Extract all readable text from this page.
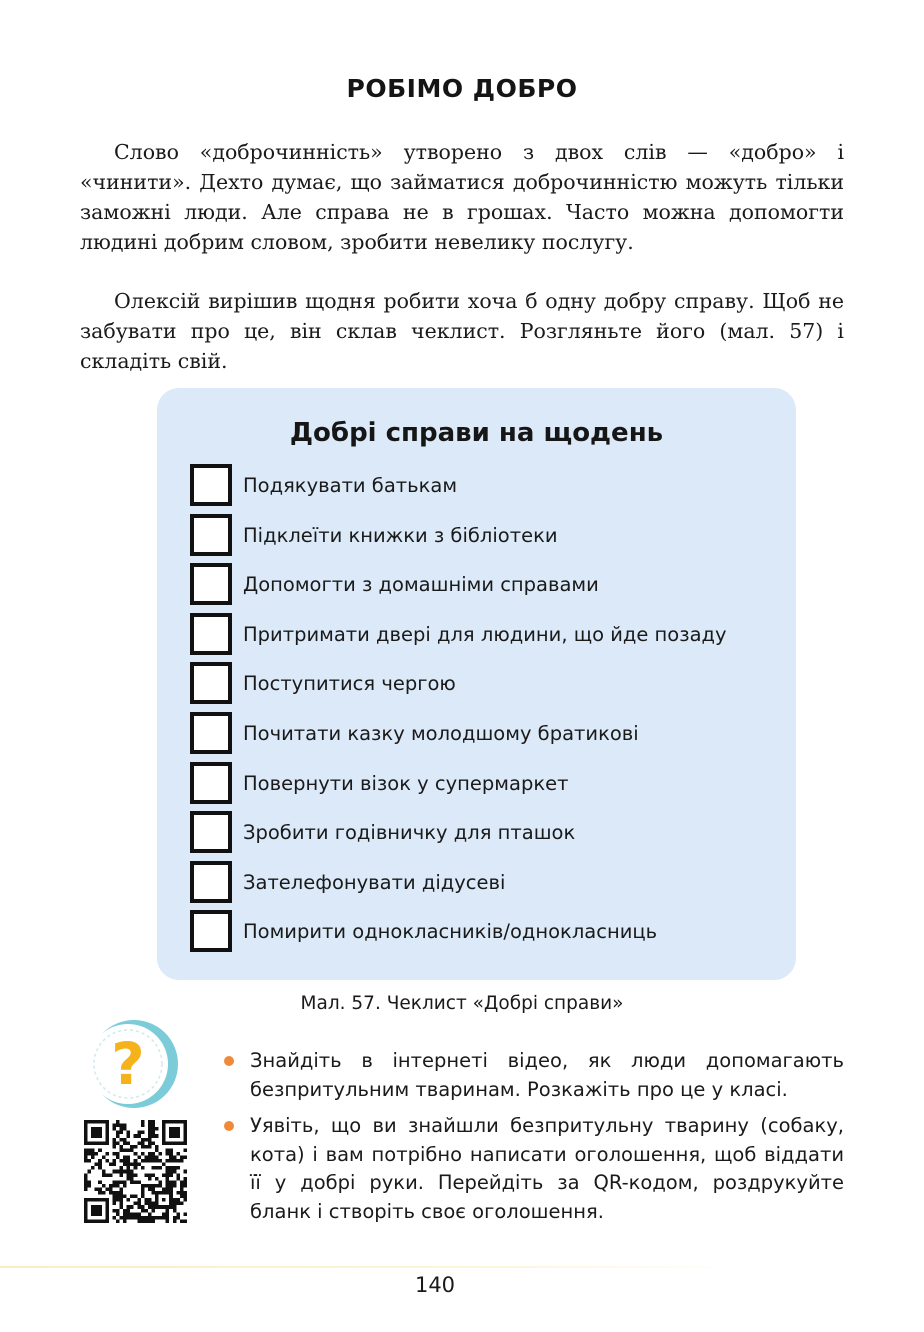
РОБІМО ДОБРО

Слово «доброчинність» утворено з двох слів — «добро» і «чинити». Дехто думає, що займатися доброчинністю можуть тільки заможні люди. Але справа не в грошах. Часто можна допомогти людині добрим словом, зробити невелику послугу.

Олексій вирішив щодня робити хоча б одну добру справу. Щоб не забувати про це, він склав чеклист. Розгляньте його (мал. 57) і складіть свій.

Добрі справи на щодень
Подякувати батькам
Підклеїти книжки з бібліотеки
Допомогти з домашніми справами
Притримати двері для людини, що йде позаду
Поступитися чергою
Почитати казку молодшому братикові
Повернути візок у супермаркет
Зробити годівничку для пташок
Зателефонувати дідусеві
Помирити однокласників/однокласниць
Мал. 57. Чеклист «Добрі справи»
?	Знайдіть в інтернеті відео, як люди допомагають безпритульним тваринам. Розкажіть про це у класі.
Уявіть, що ви знайшли безпритульну тварину (собаку, кота) і вам потрібно написати оголошення, щоб віддати її у добрі руки. Перейдіть за QR-кодом, роздрукуйте бланк і створіть своє оголошення.
140
